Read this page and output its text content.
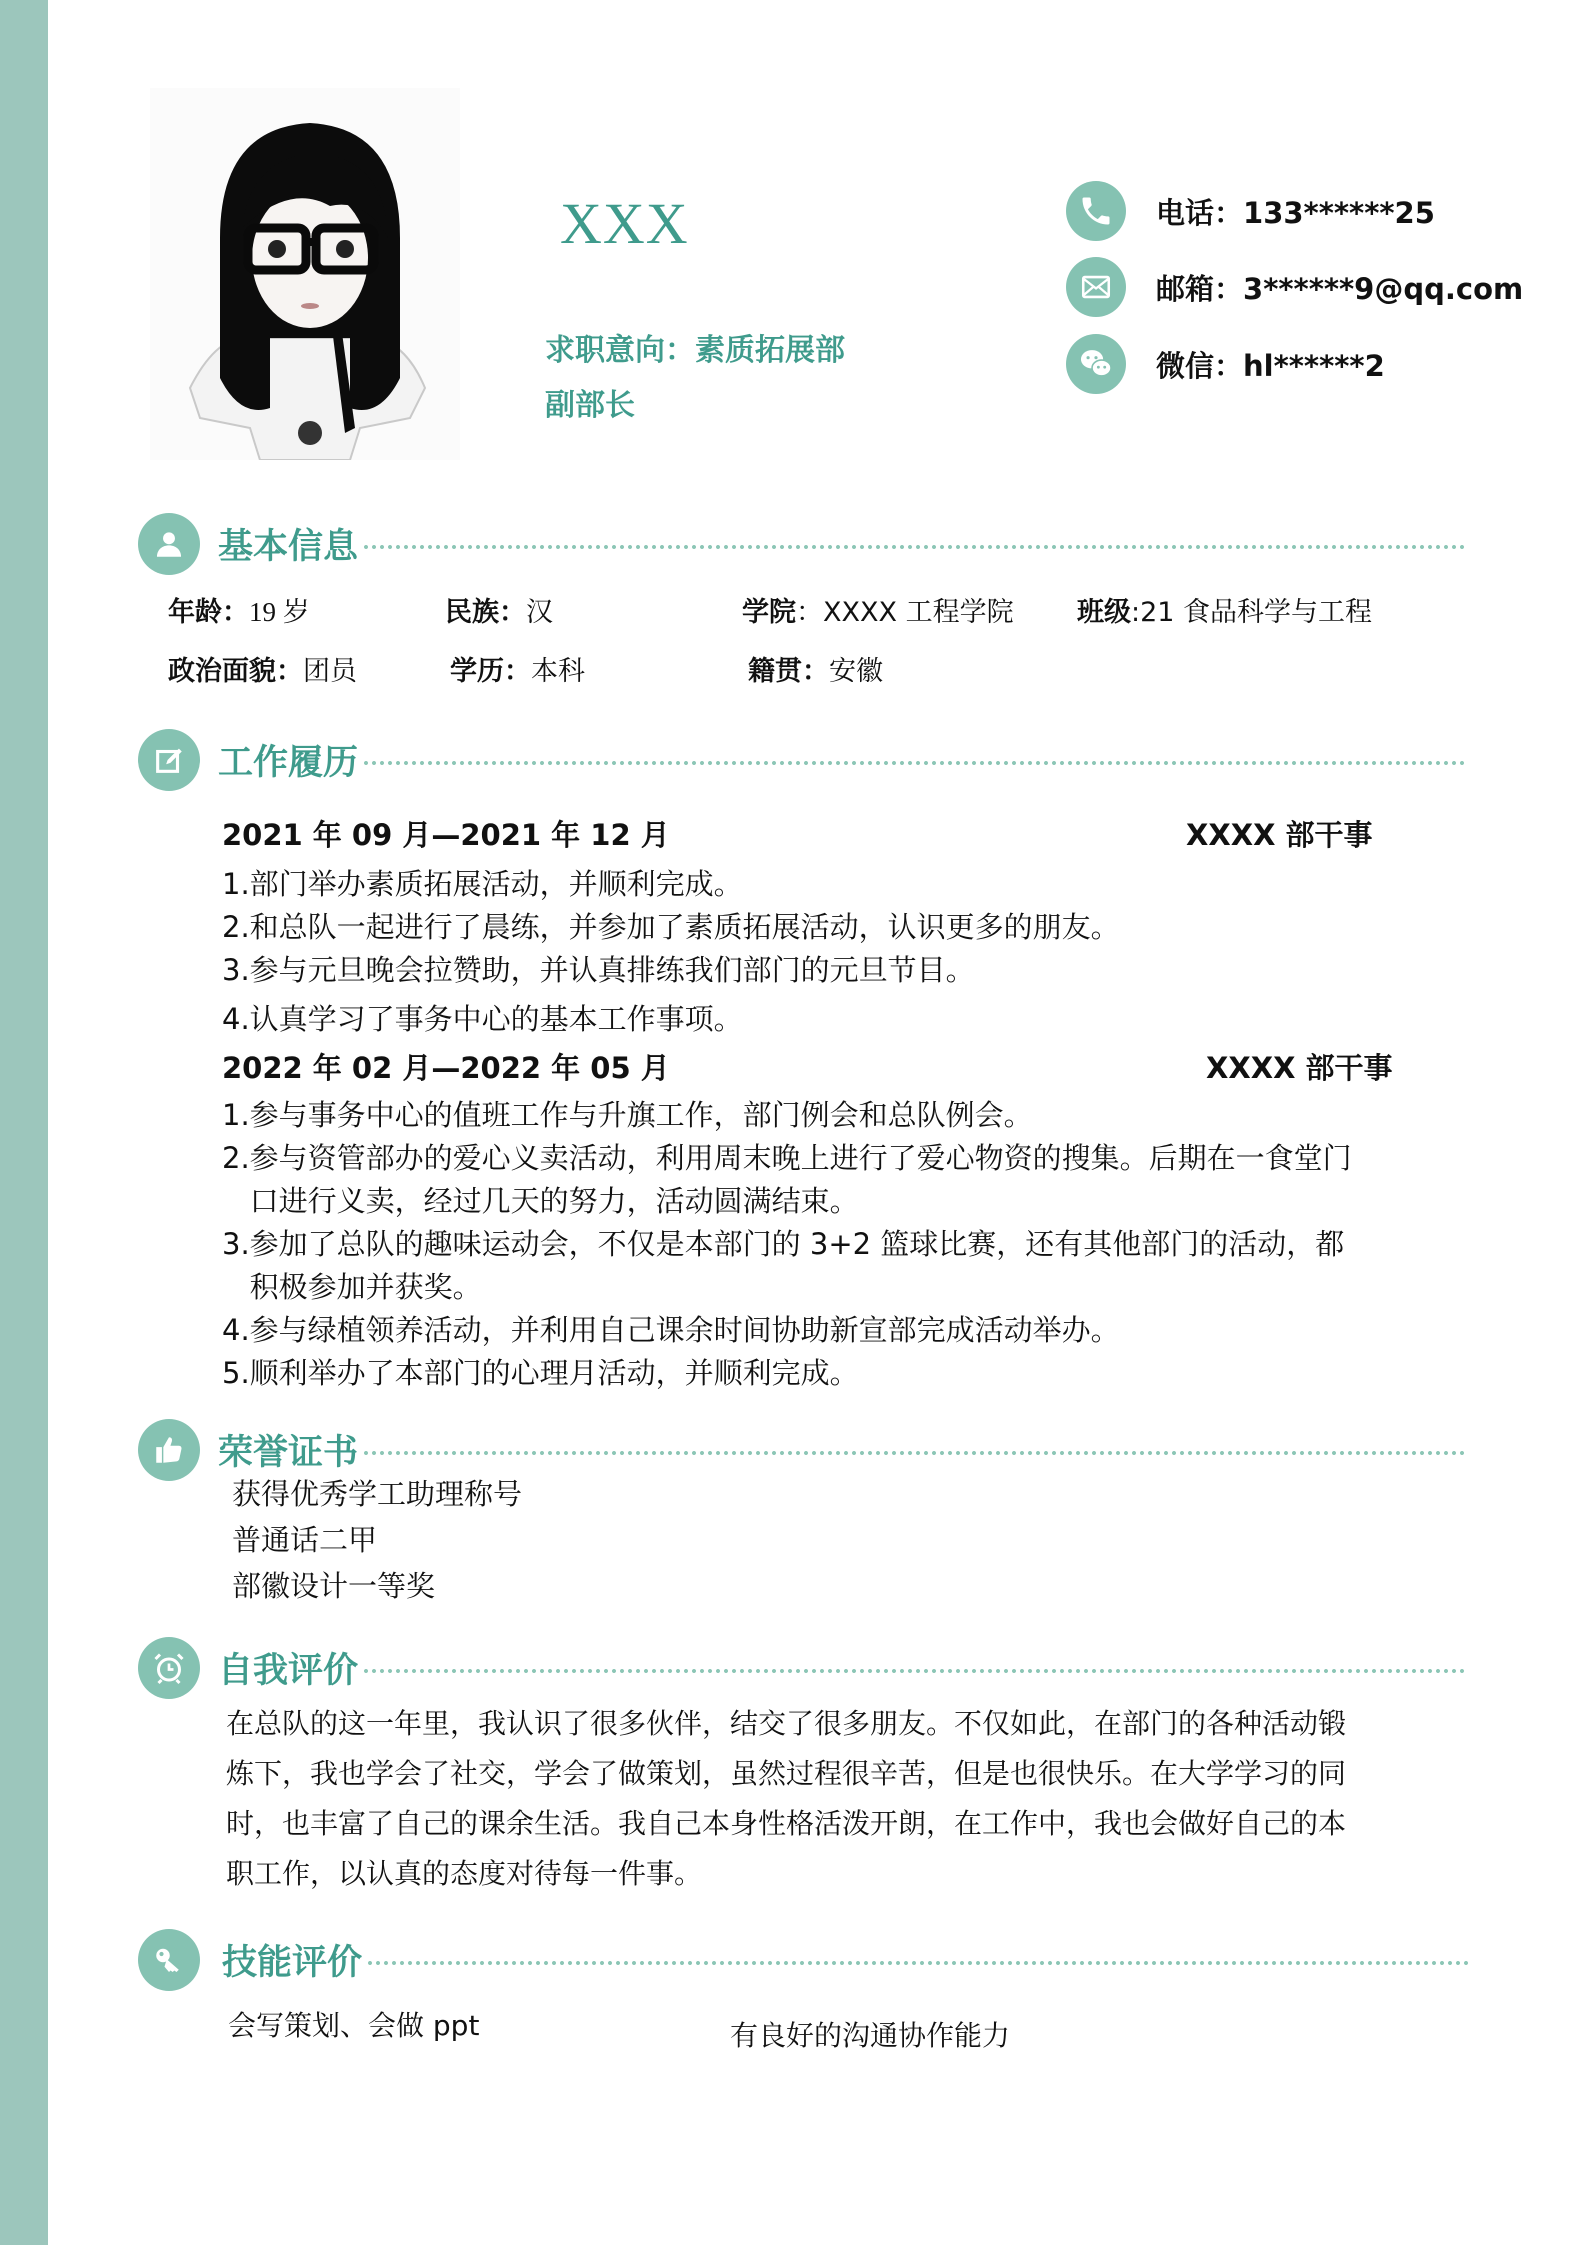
XXX
求职意向：素质拓展部
副部长
电话：133******25
邮箱：3******9@qq.com
微信：hl******2
基本信息
年龄：19 岁	民族：汉	学院：XXXX 工程学院 班级:21 食品科学与工程
政治面貌：团员	学历：本科	籍贯：安徽
工作履历
2021 年 09 月—2021 年 12 月	XXXX 部干事
1.部门举办素质拓展活动，并顺利完成。
2.和总队一起进行了晨练，并参加了素质拓展活动，认识更多的朋友。
3.参与元旦晚会拉赞助，并认真排练我们部门的元旦节目。
4.认真学习了事务中心的基本工作事项。
2022 年 02 月—2022 年 05 月	XXXX 部干事
1.参与事务中心的值班工作与升旗工作，部门例会和总队例会。
2.参与资管部办的爱心义卖活动，利用周末晚上进行了爱心物资的搜集。后期在一食堂门
口进行义卖，经过几天的努力，活动圆满结束。
3.参加了总队的趣味运动会，不仅是本部门的 3+2 篮球比赛，还有其他部门的活动，都
积极参加并获奖。
4.参与绿植领养活动，并利用自己课余时间协助新宣部完成活动举办。
5.顺利举办了本部门的心理月活动，并顺利完成。
荣誉证书
获得优秀学工助理称号
普通话二甲
部徽设计一等奖
自我评价
在总队的这一年里，我认识了很多伙伴，结交了很多朋友。不仅如此，在部门的各种活动锻
炼下，我也学会了社交，学会了做策划，虽然过程很辛苦，但是也很快乐。在大学学习的同
时，也丰富了自己的课余生活。我自己本身性格活泼开朗，在工作中，我也会做好自己的本
职工作，以认真的态度对待每一件事。
技能评价
会写策划、会做 ppt	有良好的沟通协作能力
